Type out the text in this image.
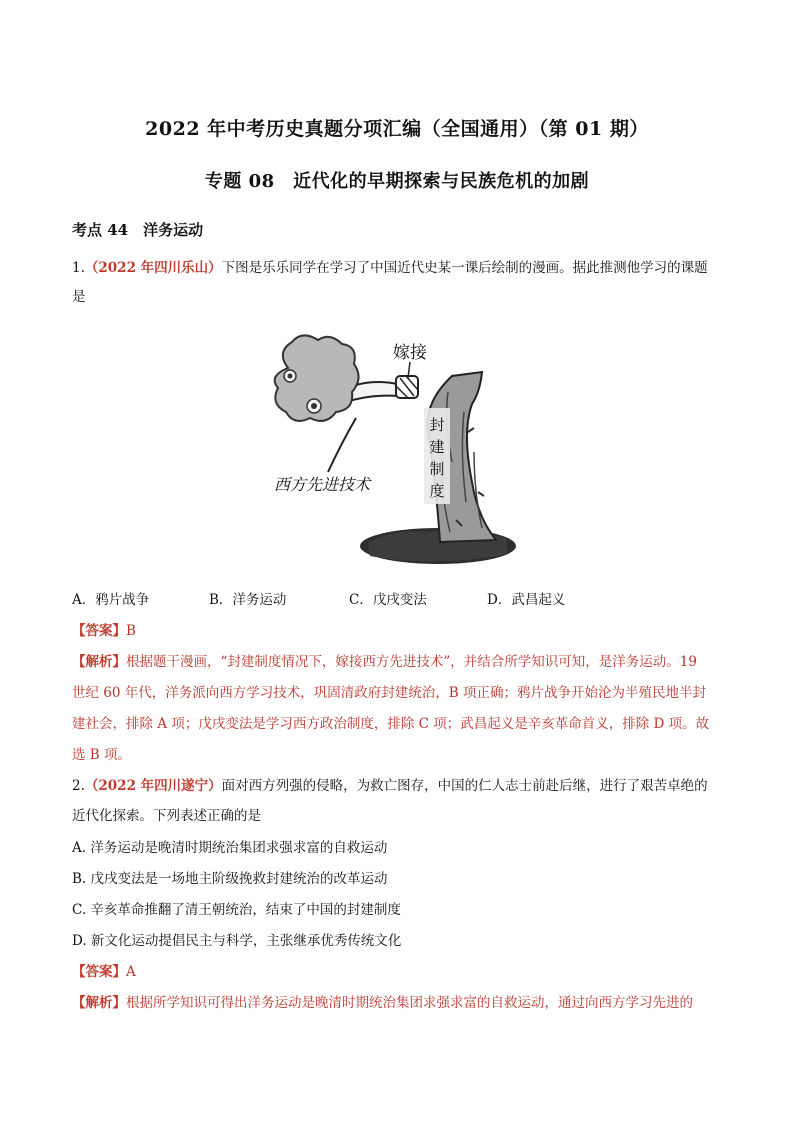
2022 年中考历史真题分项汇编（全国通用）（第 01 期）
专题 08　近代化的早期探索与民族危机的加剧
考点 44　洋务运动
1.（2022 年四川乐山）下图是乐乐同学在学习了中国近代史某一课后绘制的漫画。据此推测他学习的课题
是
封
建
制
度
嫁接
西方先进技术
A．鸦片战争	B．洋务运动	C．戊戌变法	D．武昌起义
【答案】B
【解析】根据题干漫画，“封建制度情况下，嫁接西方先进技术”，并结合所学知识可知，是洋务运动。19
世纪 60 年代，洋务派向西方学习技术，巩固清政府封建统治，B 项正确；鸦片战争开始沦为半殖民地半封
建社会，排除 A 项；戊戌变法是学习西方政治制度，排除 C 项；武昌起义是辛亥革命首义，排除 D 项。故
选 B 项。
2.（2022 年四川遂宁）面对西方列强的侵略，为救亡图存，中国的仁人志士前赴后继，进行了艰苦卓绝的
近代化探索。下列表述正确的是
A. 洋务运动是晚清时期统治集团求强求富的自救运动
B. 戊戌变法是一场地主阶级挽救封建统治的改革运动
C. 辛亥革命推翻了清王朝统治，结束了中国的封建制度
D. 新文化运动提倡民主与科学，主张继承优秀传统文化
【答案】A
【解析】根据所学知识可得出洋务运动是晚清时期统治集团求强求富的自救运动，通过向西方学习先进的
